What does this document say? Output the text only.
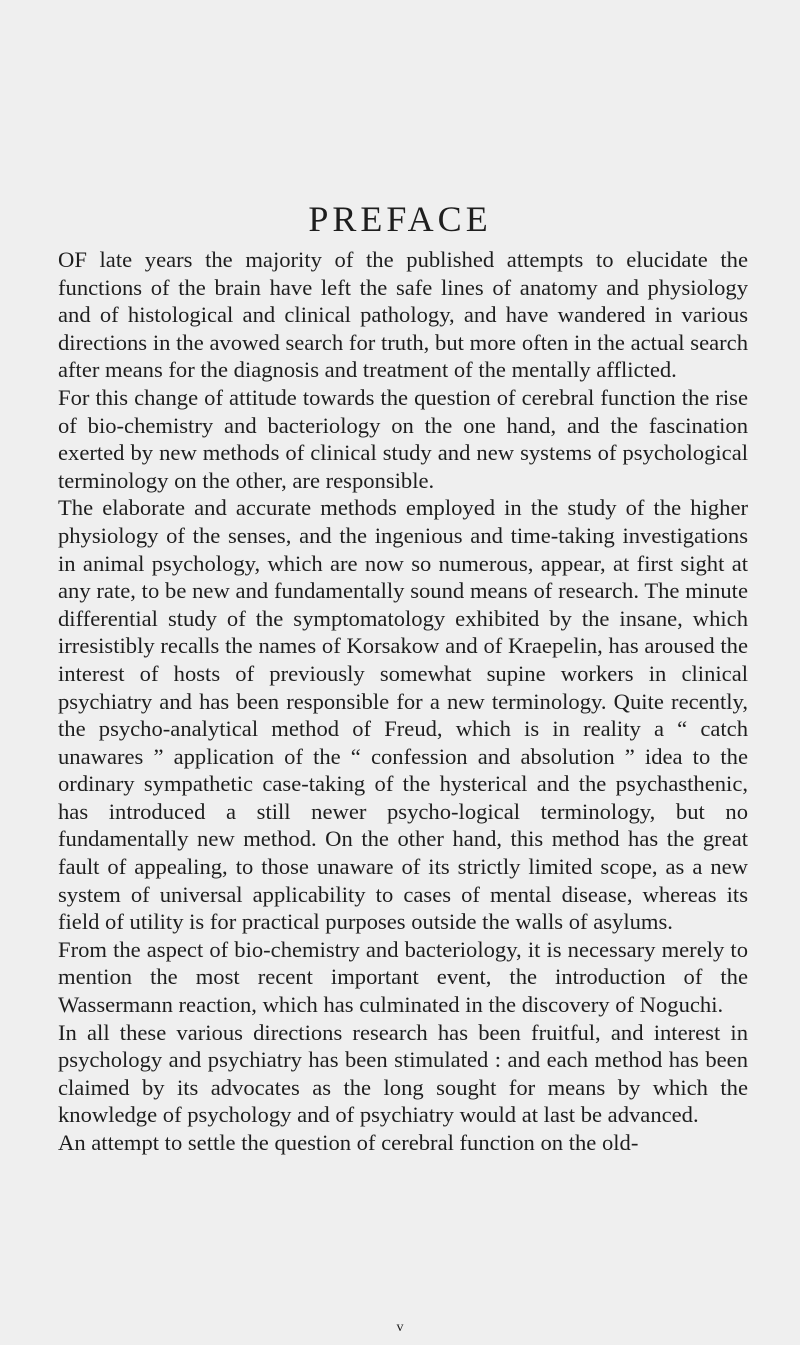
PREFACE

OF late years the majority of the published attempts to elucidate the functions of the brain have left the safe lines of anatomy and physiology and of histological and clinical pathology, and have wandered in various directions in the avowed search for truth, but more often in the actual search after means for the diagnosis and treatment of the mentally afflicted.

For this change of attitude towards the question of cerebral function the rise of bio-chemistry and bacteriology on the one hand, and the fascination exerted by new methods of clinical study and new systems of psychological terminology on the other, are responsible.

The elaborate and accurate methods employed in the study of the higher physiology of the senses, and the ingenious and time-taking investigations in animal psychology, which are now so numerous, appear, at first sight at any rate, to be new and fundamentally sound means of research. The minute differential study of the symptomatology exhibited by the insane, which irresistibly recalls the names of Korsakow and of Kraepelin, has aroused the interest of hosts of previously somewhat supine workers in clinical psychiatry and has been responsible for a new terminology. Quite recently, the psycho-analytical method of Freud, which is in reality a “ catch unawares ” application of the “ confession and absolution ” idea to the ordinary sympathetic case-taking of the hysterical and the psychasthenic, has introduced a still newer psycho-logical terminology, but no fundamentally new method. On the other hand, this method has the great fault of appealing, to those unaware of its strictly limited scope, as a new system of universal applicability to cases of mental disease, whereas its field of utility is for practical purposes outside the walls of asylums.

From the aspect of bio-chemistry and bacteriology, it is necessary merely to mention the most recent important event, the introduction of the Wassermann reaction, which has culminated in the discovery of Noguchi.

In all these various directions research has been fruitful, and interest in psychology and psychiatry has been stimulated : and each method has been claimed by its advocates as the long sought for means by which the knowledge of psychology and of psychiatry would at last be advanced.

An attempt to settle the question of cerebral function on the old-

v
